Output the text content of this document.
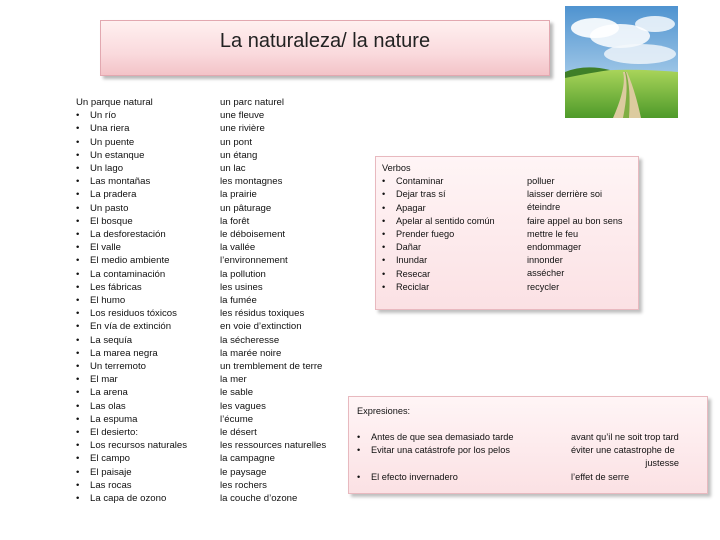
La naturaleza/ la nature
Un parque natural
• Un río
• Una riera
• Un puente
• Un estanque
• Un lago
• Las montañas
• La pradera
• Un pasto
• El bosque
• La desforestación
• El valle
• El medio ambiente
• La contaminación
• Les fábricas
• El humo
• Los residuos tóxicos
• En vía de extinción
• La sequía
• La marea negra
• Un terremoto
• El mar
• La arena
• Las olas
• La espuma
• El desierto:
• Los recursos naturales
• El campo
• El paisaje
• Las rocas
• La capa de ozono
un parc naturel
une fleuve
une rivière
un pont
un étang
un lac
les montagnes
la prairie
un pâturage
la forêt
le déboisement
la vallée
l’environnement
la pollution
les usines
la fumée
les résidus toxiques
en voie d’extinction
la sécheresse
la marée noire
un tremblement de terre
la mer
le sable
les vagues
l’écume
le désert
les ressources naturelles
la campagne
le paysage
les rochers
la couche d’ozone
Verbos
• Contaminar
• Dejar tras sí
• Apagar
• Apelar al sentido común
• Prender fuego
• Dañar
• Inundar
• Resecar
• Reciclar
polluer
laisser derrière soi
éteindre
faire appel au bon sens
mettre le feu
endommager
innonder
assécher
recycler
Expresiones:
• Antes de que sea demasiado tarde
• Evitar una catástrofe por los pelos
• El efecto invernadero
avant qu’il ne soit trop tard
éviter une catastrophe de
justesse
l’effet de serre
